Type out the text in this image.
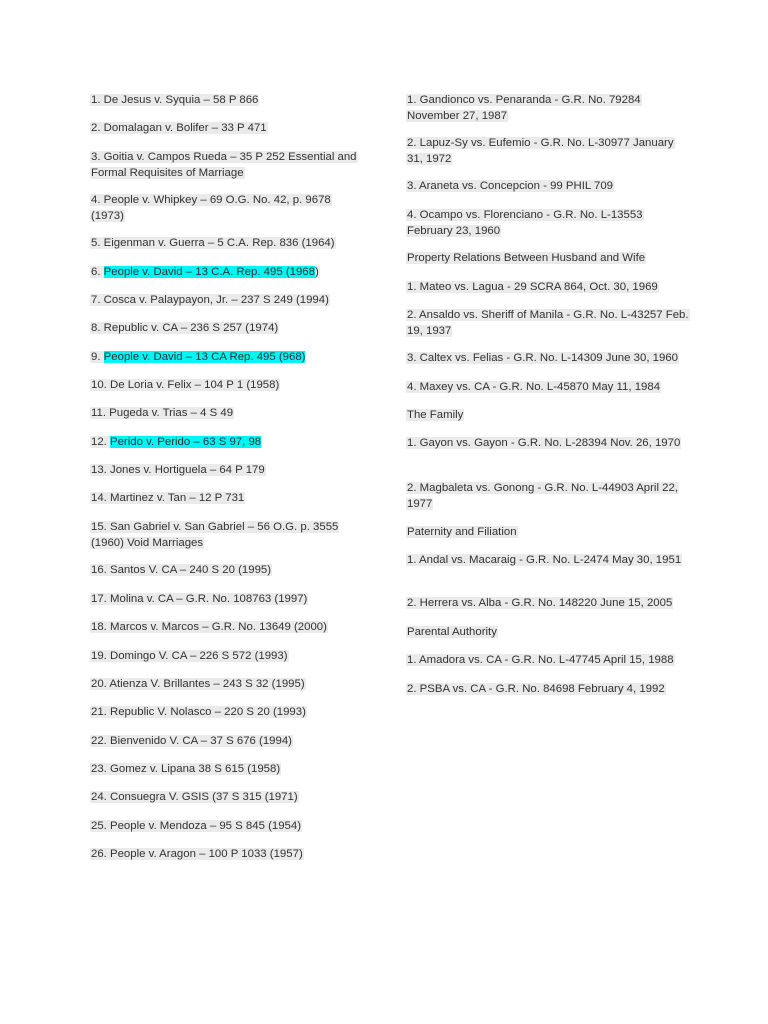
1. De Jesus v. Syquia – 58 P 866
2. Domalagan v. Bolifer – 33 P 471
3. Goitia v. Campos Rueda – 35 P 252 Essential and Formal Requisites of Marriage
4. People v. Whipkey – 69 O.G. No. 42, p. 9678 (1973)
5. Eigenman v. Guerra – 5 C.A. Rep. 836 (1964)
6. People v. David – 13 C.A. Rep. 495 (1968)
7. Cosca v. Palaypayon, Jr. – 237 S 249 (1994)
8. Republic v. CA – 236 S 257 (1974)
9. People v. David – 13 CA Rep. 495 (968)
10. De Loria v. Felix – 104 P 1 (1958)
11. Pugeda v. Trias – 4 S 49
12. Perido v. Perido – 63 S 97, 98
13. Jones v. Hortiguela – 64 P 179
14. Martinez v. Tan – 12 P 731
15. San Gabriel v. San Gabriel – 56 O.G. p. 3555 (1960) Void Marriages
16. Santos V. CA – 240 S 20 (1995)
17. Molina v. CA – G.R. No. 108763 (1997)
18. Marcos v. Marcos – G.R. No. 13649 (2000)
19. Domingo V. CA – 226 S 572 (1993)
20. Atienza V. Brillantes – 243 S 32 (1995)
21. Republic V. Nolasco – 220 S 20 (1993)
22. Bienvenido V. CA – 37 S 676 (1994)
23. Gomez v. Lipana 38 S 615 (1958)
24. Consuegra V. GSIS (37 S 315 (1971)
25. People v. Mendoza – 95 S 845 (1954)
26. People v. Aragon – 100 P 1033 (1957)
1. Gandionco vs. Penaranda - G.R. No. 79284 November 27, 1987
2. Lapuz-Sy vs. Eufemio - G.R. No. L-30977 January 31, 1972
3. Araneta vs. Concepcion - 99 PHIL 709
4. Ocampo vs. Florenciano - G.R. No. L-13553 February 23, 1960
Property Relations Between Husband and Wife
1. Mateo vs. Lagua - 29 SCRA 864, Oct. 30, 1969
2. Ansaldo vs. Sheriff of Manila - G.R. No. L-43257 Feb. 19, 1937
3. Caltex vs. Felias - G.R. No. L-14309 June 30, 1960
4. Maxey vs. CA - G.R. No. L-45870 May 11, 1984
The Family
1. Gayon vs. Gayon - G.R. No. L-28394 Nov. 26, 1970
2. Magbaleta vs. Gonong - G.R. No. L-44903 April 22, 1977
Paternity and Filiation
1. Andal vs. Macaraig - G.R. No. L-2474 May 30, 1951
2. Herrera vs. Alba - G.R. No. 148220 June 15, 2005
Parental Authority
1. Amadora vs. CA - G.R. No. L-47745 April 15, 1988
2. PSBA vs. CA - G.R. No. 84698 February 4, 1992
